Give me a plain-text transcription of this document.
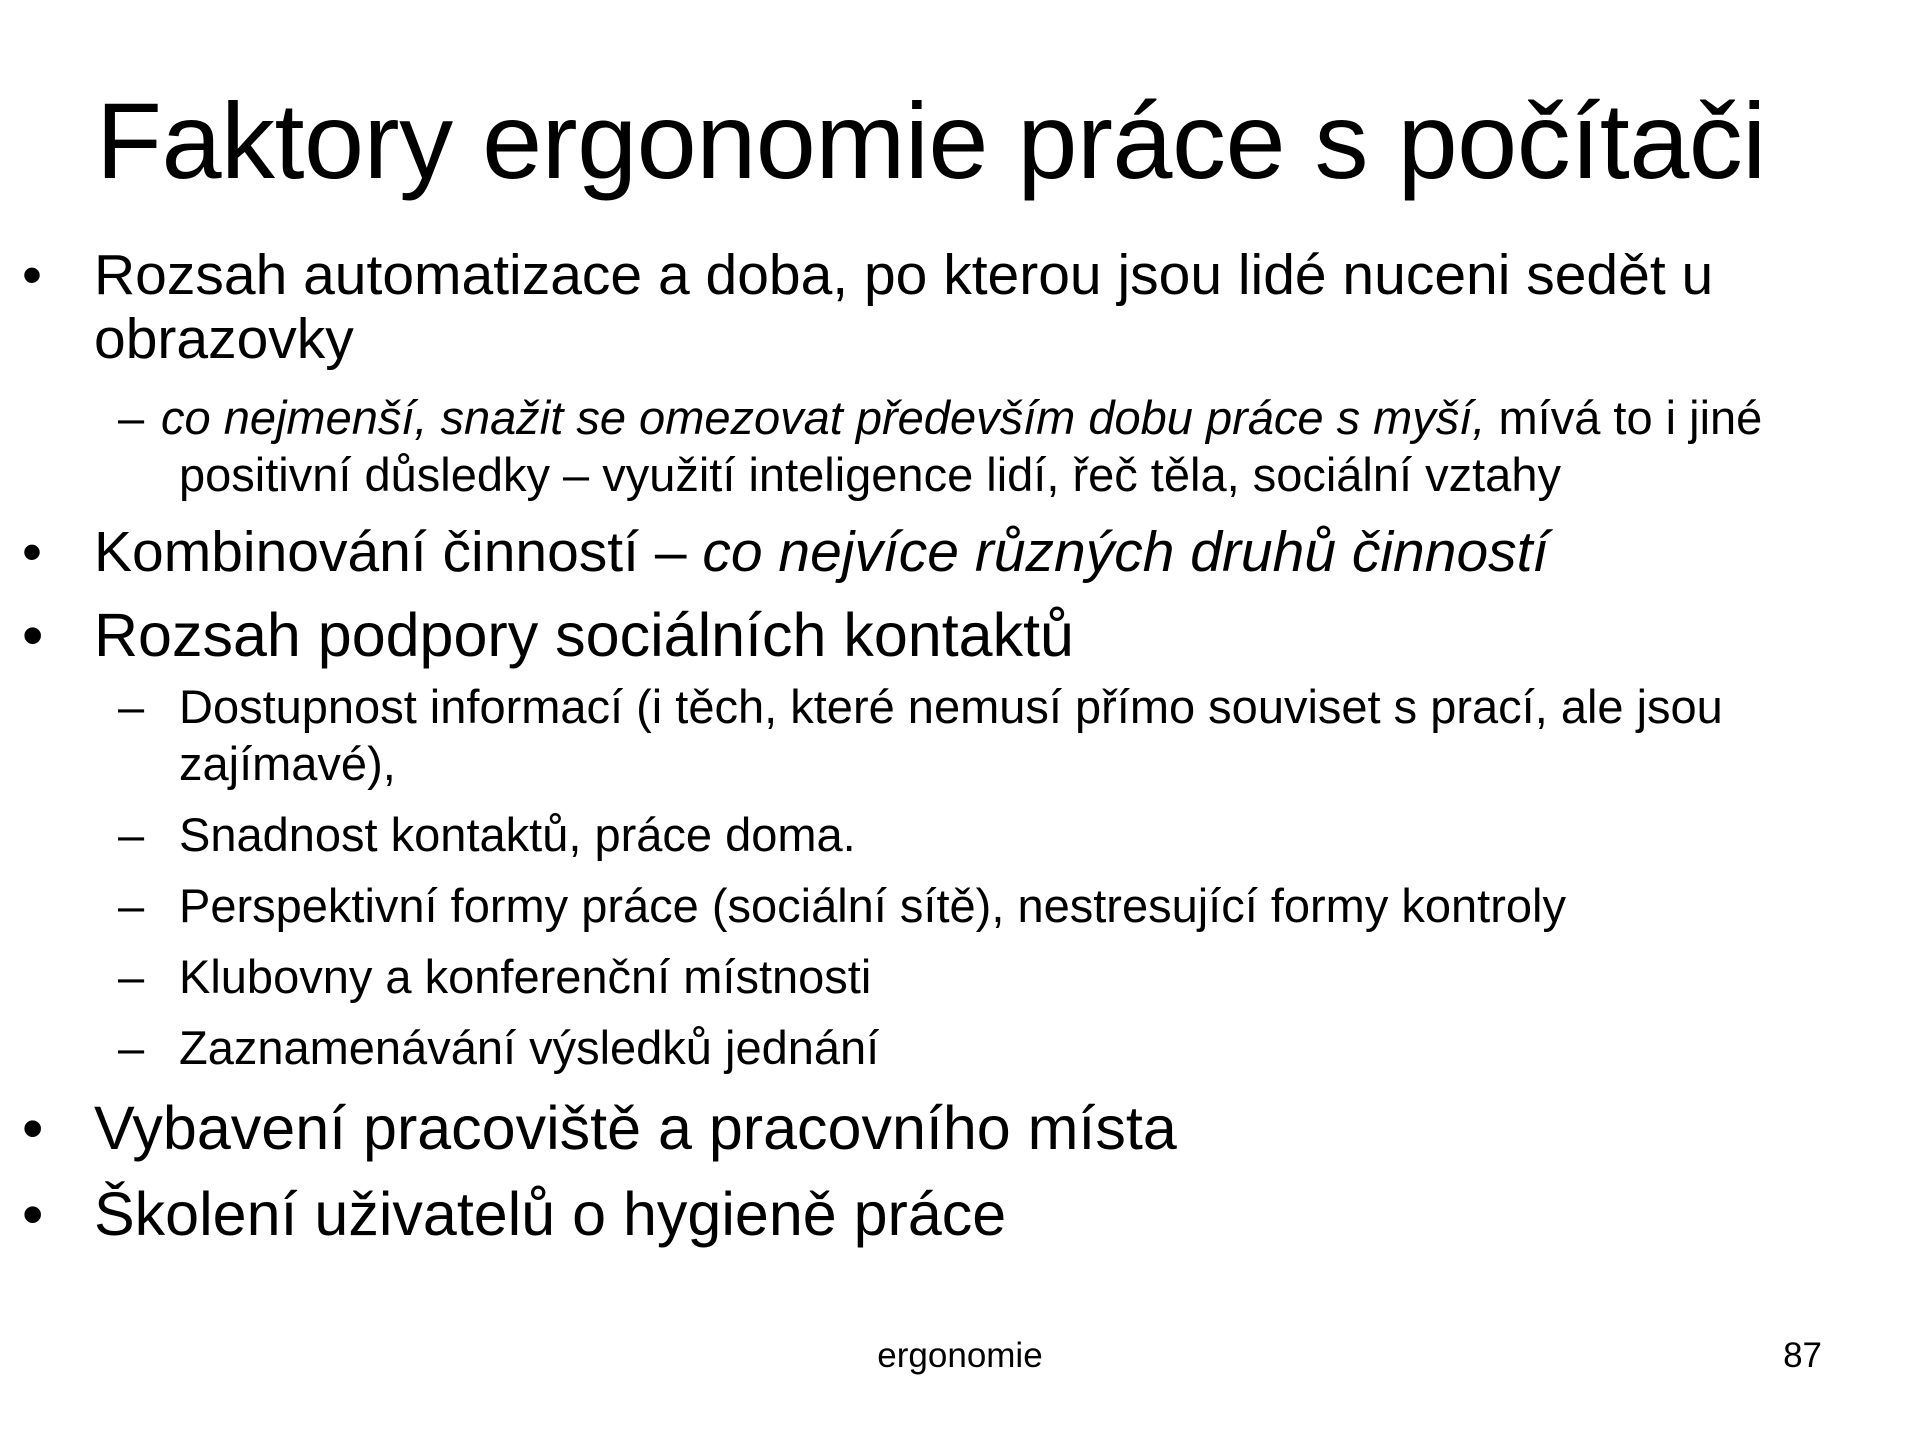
Faktory ergonomie práce s počítači
• Rozsah automatizace a doba, po kterou jsou lidé nuceni sedět u obrazovky
– co nejmenší, snažit se omezovat především dobu práce s myší, mívá to i jiné positivní důsledky – využití inteligence lidí, řeč těla, sociální vztahy
• Kombinování činností – co nejvíce různých druhů činností
• Rozsah podpory sociálních kontaktů
– Dostupnost informací (i těch, které nemusí přímo souviset s prací, ale jsou zajímavé),
– Snadnost kontaktů, práce doma.
– Perspektivní formy práce (sociální sítě), nestresující formy kontroly
– Klubovny a konferenční místnosti
– Zaznamenávání výsledků jednání
• Vybavení pracoviště a pracovního místa
• Školení uživatelů o hygieně práce
ergonomie	87
